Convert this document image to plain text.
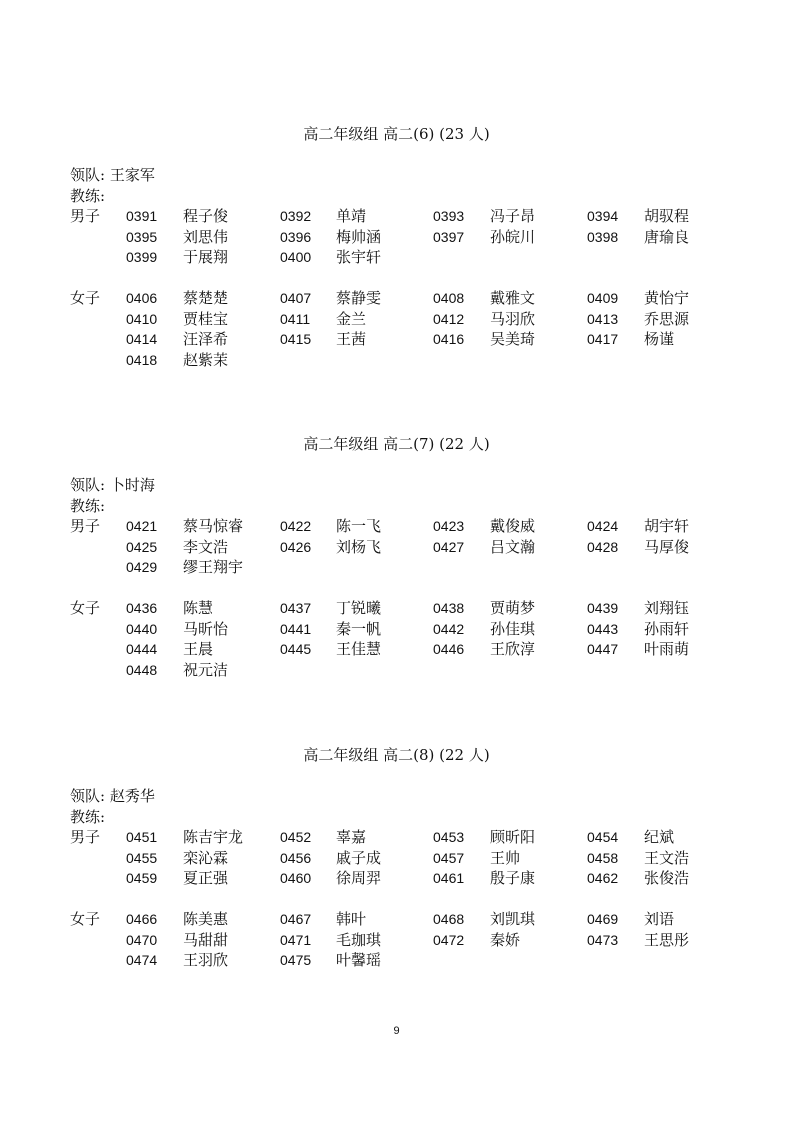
高二年级组 高二(6) (23 人)
领队: 王家军
教练:
男子 0391 程子俊	0392 单靖	0393 冯子昂	0394 胡驭程
0395 刘思伟	0396 梅帅涵	0397 孙皖川	0398 唐瑜良
0399 于展翔	0400 张宇轩
女子 0406 蔡楚楚	0407 蔡静雯	0408 戴雅文	0409 黄怡宁
0410 贾桂宝	0411 金兰	0412 马羽欣	0413 乔思源
0414 汪泽希	0415 王茜	0416 吴美琦	0417 杨谨
0418 赵紫茉
高二年级组 高二(7) (22 人)
领队: 卜时海
教练:
男子 0421 蔡马惊睿	0422 陈一飞	0423 戴俊威	0424 胡宇轩
0425 李文浩	0426 刘杨飞	0427 吕文瀚	0428 马厚俊
0429 缪王翔宇
女子 0436 陈慧	0437 丁锐曦	0438 贾萌梦	0439 刘翔钰
0440 马昕怡	0441 秦一帆	0442 孙佳琪	0443 孙雨轩
0444 王晨	0445 王佳慧	0446 王欣淳	0447 叶雨萌
0448 祝元洁
高二年级组 高二(8) (22 人)
领队: 赵秀华
教练:
男子 0451 陈吉宇龙	0452 辜嘉	0453 顾昕阳	0454 纪斌
0455 栾沁霖	0456 戚子成	0457 王帅	0458 王文浩
0459 夏正强	0460 徐周羿	0461 殷子康	0462 张俊浩
女子 0466 陈美惠	0467 韩叶	0468 刘凯琪	0469 刘语
0470 马甜甜	0471 毛珈琪	0472 秦娇	0473 王思彤
0474 王羽欣	0475 叶馨瑶
9
